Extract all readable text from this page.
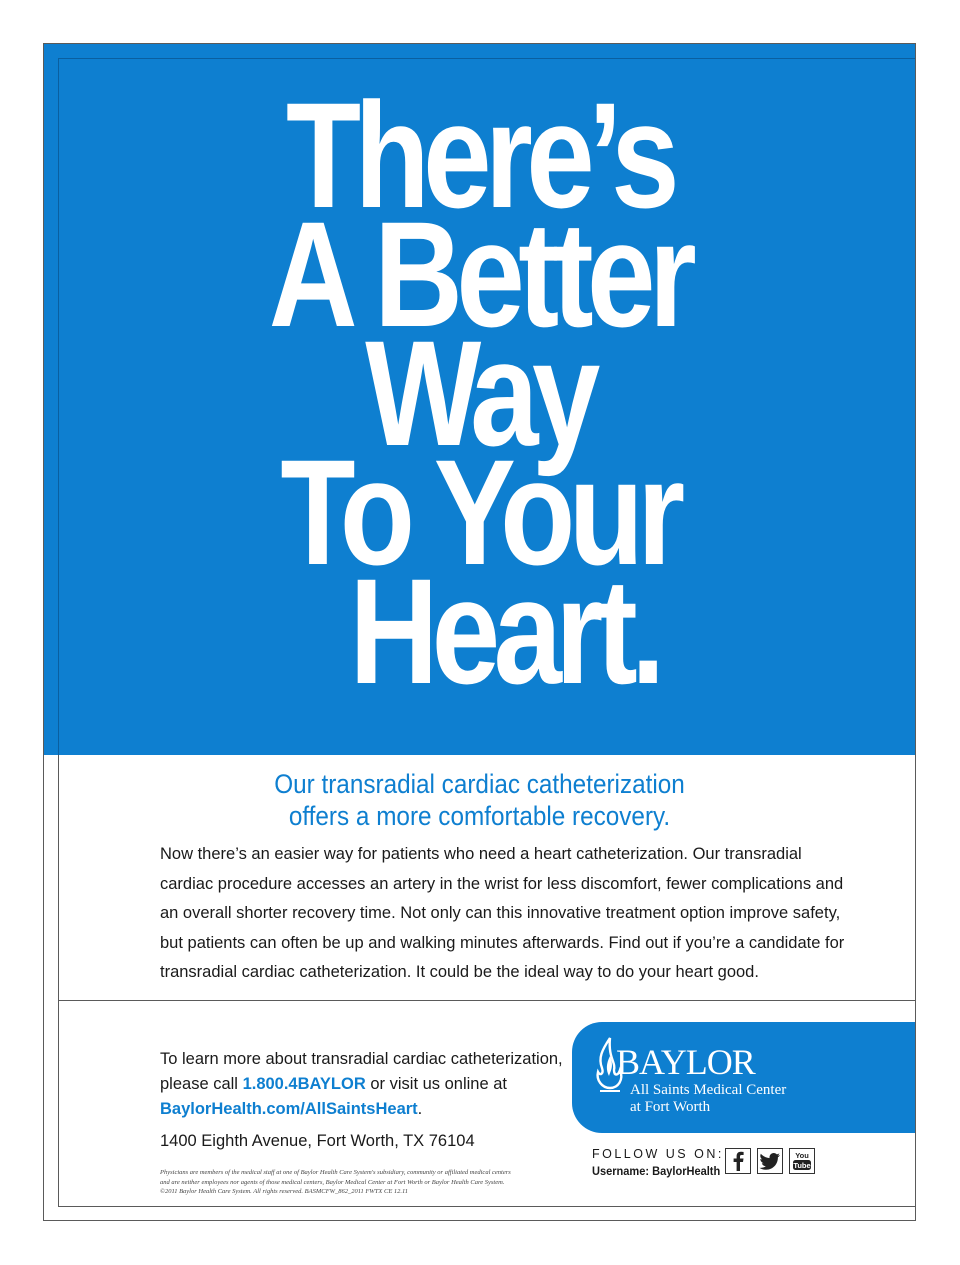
There’s
A Better
Way
To Your
Heart.
Our transradial cardiac catheterization
offers a more comfortable recovery.

Now there’s an easier way for patients who need a heart catheterization. Our transradial cardiac procedure accesses an artery in the wrist for less discomfort, fewer complications and an overall shorter recovery time. Not only can this innovative treatment option improve safety, but patients can often be up and walking minutes afterwards. Find out if you’re a candidate for transradial cardiac catheterization. It could be the ideal way to do your heart good.

To learn more about transradial cardiac catheterization,
please call 1.800.4BAYLOR or visit us online at
BaylorHealth.com/AllSaintsHeart.

1400 Eighth Avenue, Fort Worth, TX 76104

Physicians are members of the medical staff at one of Baylor Health Care System's subsidiary, community or affiliated medical centers and are neither employees nor agents of those medical centers, Baylor Medical Center at Fort Worth or Baylor Health Care System. ©2011 Baylor Health Care System. All rights reserved. BASMCFW_862_2011 FWTX CE 12.11

BAYLOR
All Saints Medical Center
at Fort Worth

FOLLOW US ON:

Username: BaylorHealth

You
Tube
